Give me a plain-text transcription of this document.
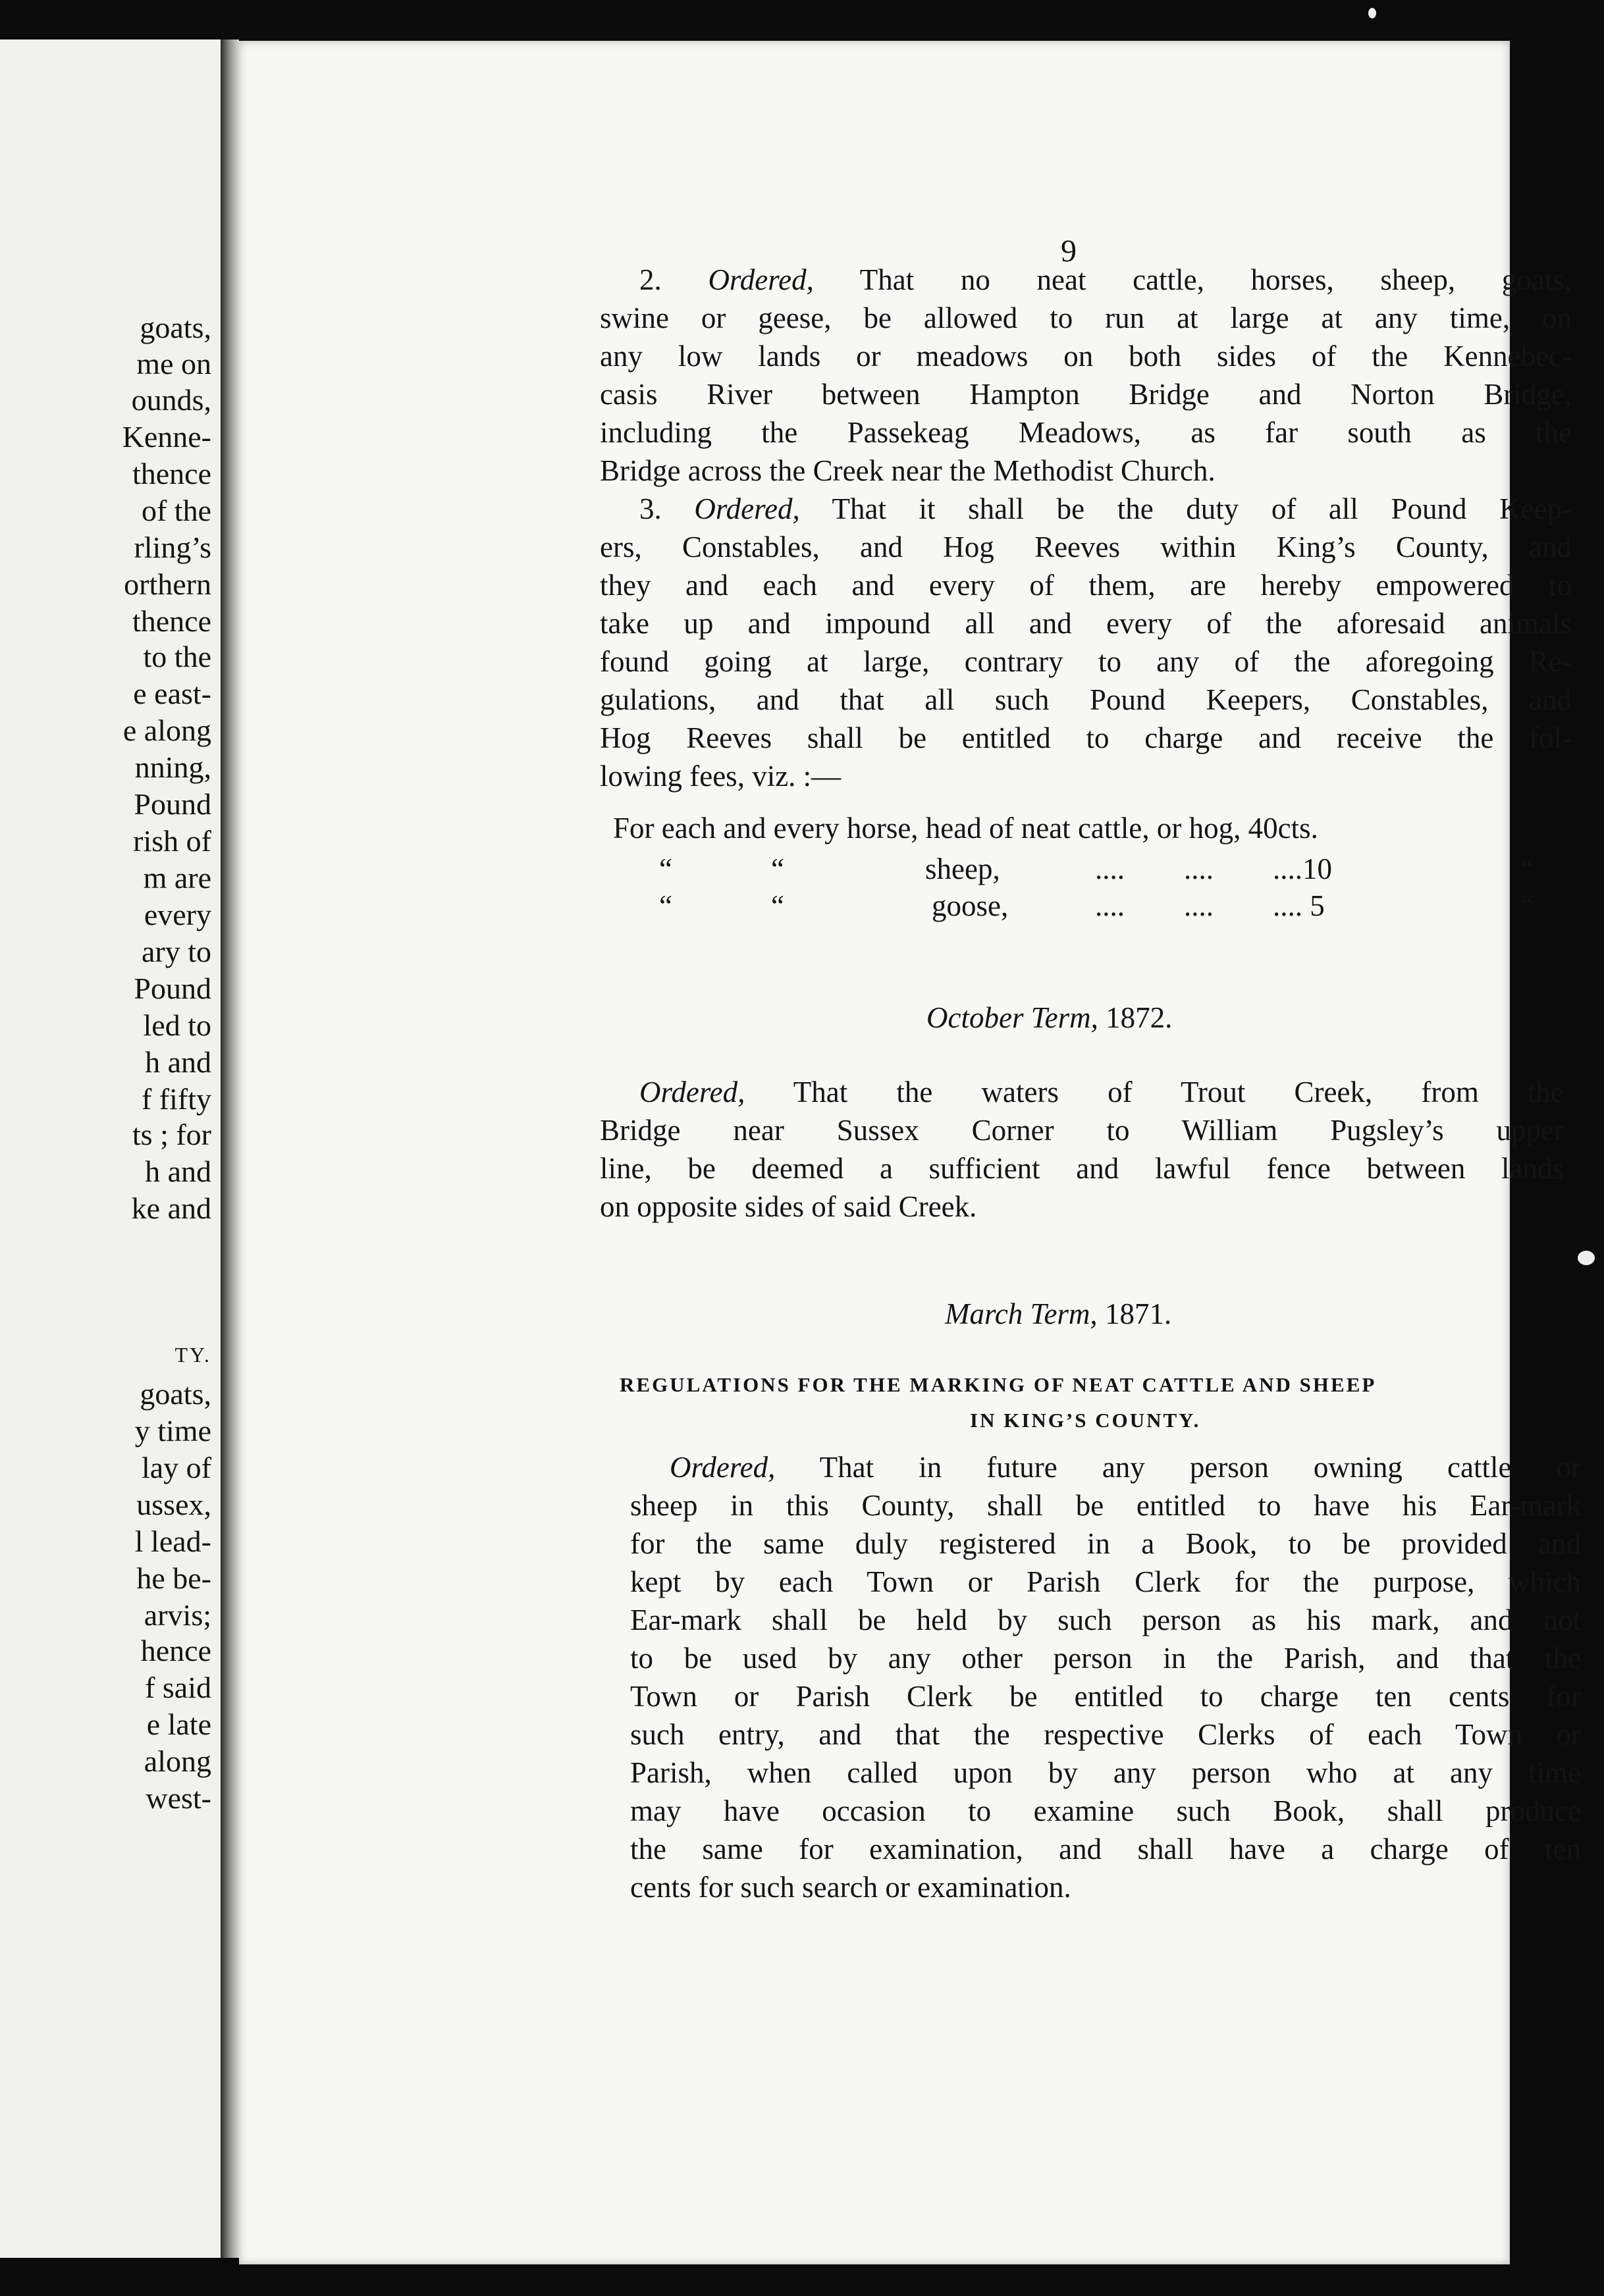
goats,
me on
ounds,
Kenne-
thence
of the
rling’s
orthern
thence
to the
e east-
e along
nning,
Pound
rish of
m are
every
ary to
Pound
led to
h and
f fifty
ts ; for
h and
ke and
TY.
goats,
y time
lay of
ussex,
l lead-
he be-
arvis;
hence
f said
e late
along
west-
9
2. Ordered, That no neat cattle, horses, sheep, goats,
swine or geese, be allowed to run at large at any time, on
any low lands or meadows on both sides of the Kennebec-
casis River between Hampton Bridge and Norton Bridge,
including the Passekeag Meadows, as far south as the
Bridge across the Creek near the Methodist Church.
3. Ordered, That it shall be the duty of all Pound Keep-
ers, Constables, and Hog Reeves within King’s County, and
they and each and every of them, are hereby empowered to
take up and impound all and every of the aforesaid animals
found going at large, contrary to any of the aforegoing Re-
gulations, and that all such Pound Keepers, Constables, and
Hog Reeves shall be entitled to charge and receive the fol-
lowing fees, viz. :—
For each and every horse, head of neat cattle, or hog, 40cts.
“	“	sheep,	....        ....        ....10	“
“	“	goose,	....        ....        .... 5	“
October Term, 1872.
Ordered, That the waters of Trout Creek, from the
Bridge near Sussex Corner to William Pugsley’s upper
line, be deemed a sufficient and lawful fence between lands
on opposite sides of said Creek.
March Term, 1871.
REGULATIONS FOR THE MARKING OF NEAT CATTLE AND SHEEP
IN KING’S COUNTY.
Ordered, That in future any person owning cattle or
sheep in this County, shall be entitled to have his Ear-mark
for the same duly registered in a Book, to be provided and
kept by each Town or Parish Clerk for the purpose, which
Ear-mark shall be held by such person as his mark, and not
to be used by any other person in the Parish, and that the
Town or Parish Clerk be entitled to charge ten cents for
such entry, and that the respective Clerks of each Town or
Parish, when called upon by any person who at any time
may have occasion to examine such Book, shall produce
the same for examination, and shall have a charge of ten
cents for such search or examination.
